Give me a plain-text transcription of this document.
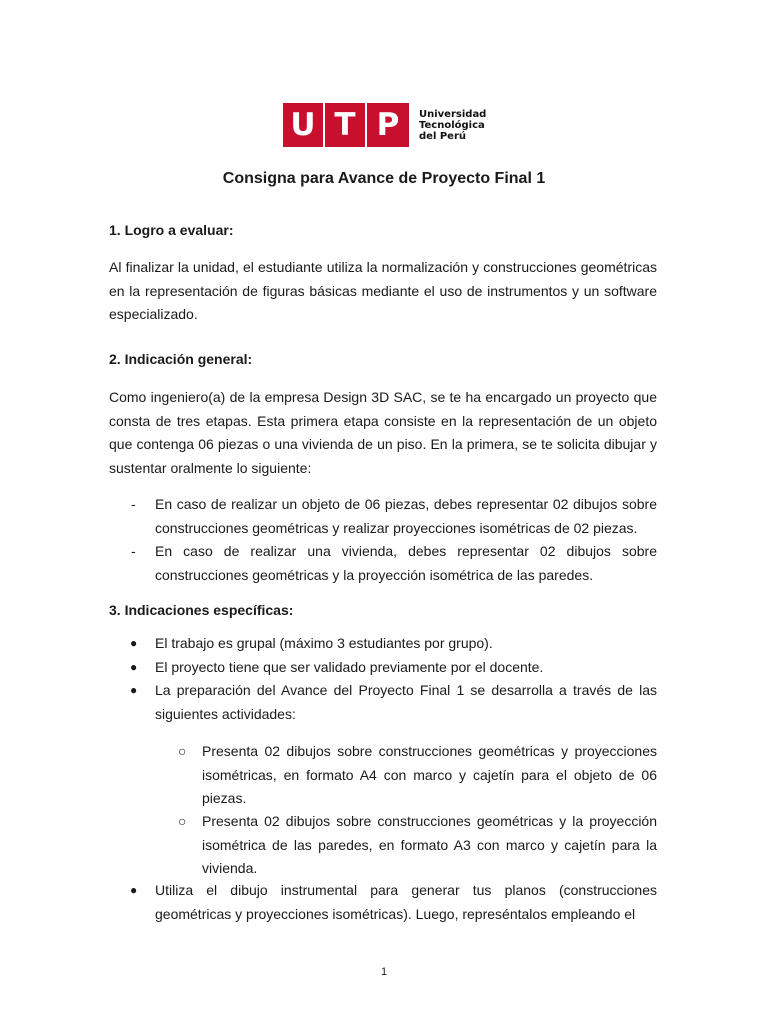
U T P	Universidad
Tecnológica
del Perú
Consigna para Avance de Proyecto Final 1

1. Logro a evaluar:

Al finalizar la unidad, el estudiante utiliza la normalización y construcciones geométricas en la representación de figuras básicas mediante el uso de instrumentos y un software especializado.

2. Indicación general:

Como ingeniero(a) de la empresa Design 3D SAC, se te ha encargado un proyecto que consta de tres etapas. Esta primera etapa consiste en la representación de un objeto que contenga 06 piezas o una vivienda de un piso. En la primera, se te solicita dibujar y sustentar oralmente lo siguiente:

- En caso de realizar un objeto de 06 piezas, debes representar 02 dibujos sobre construcciones geométricas y realizar proyecciones isométricas de 02 piezas.

- En caso de realizar una vivienda, debes representar 02 dibujos sobre construcciones geométricas y la proyección isométrica de las paredes.

3. Indicaciones específicas:

● El trabajo es grupal (máximo 3 estudiantes por grupo).

● El proyecto tiene que ser validado previamente por el docente.

● La preparación del Avance del Proyecto Final 1 se desarrolla a través de las siguientes actividades:

○ Presenta 02 dibujos sobre construcciones geométricas y proyecciones isométricas, en formato A4 con marco y cajetín para el objeto de 06 piezas.

○ Presenta 02 dibujos sobre construcciones geométricas y la proyección isométrica de las paredes, en formato A3 con marco y cajetín para la vivienda.

● Utiliza el dibujo instrumental para generar tus planos (construcciones geométricas y proyecciones isométricas). Luego, represéntalos empleando el

1
